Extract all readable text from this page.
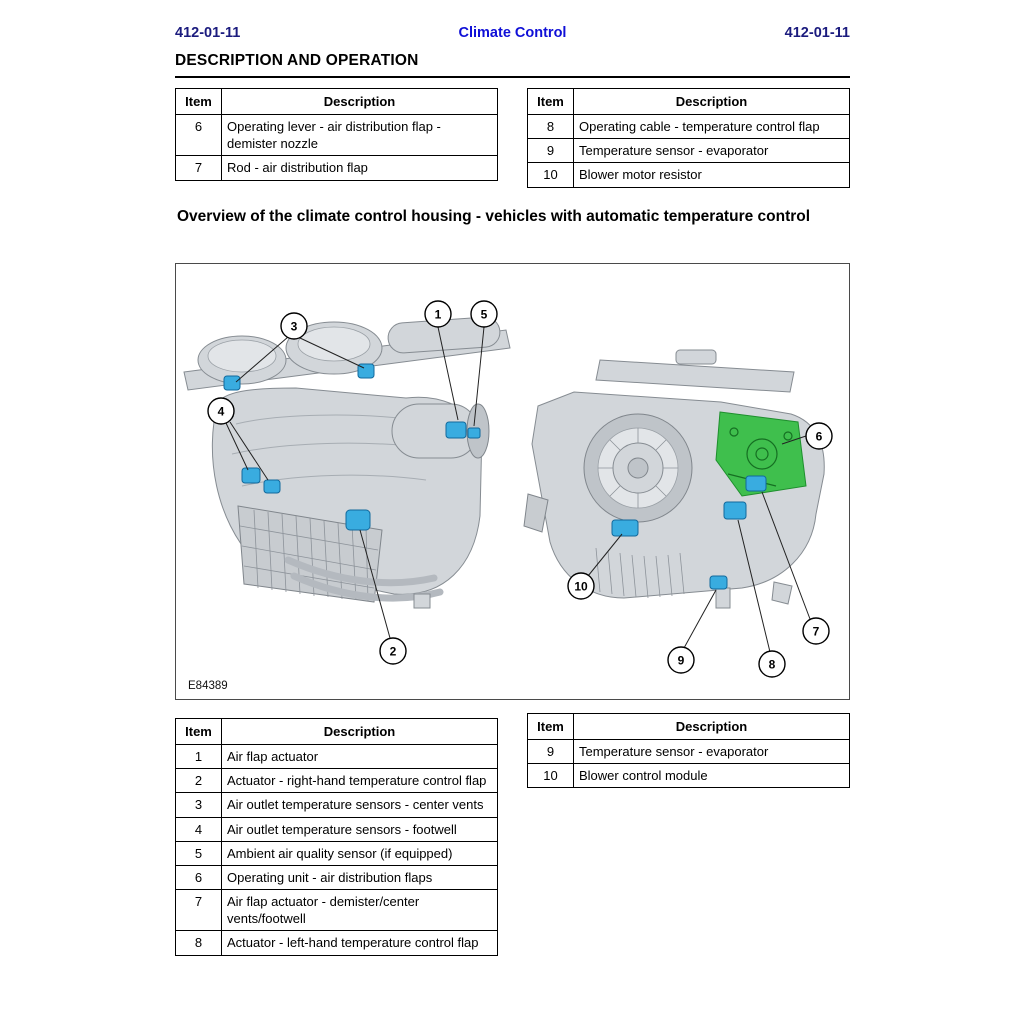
412-01-11	Climate Control	412-01-11
DESCRIPTION AND OPERATION
Item	Description
6	Operating lever - air distribution flap - demister nozzle
7	Rod - air distribution flap
Item	Description
8	Operating cable - temperature control flap
9	Temperature sensor - evaporator
10	Blower motor resistor
Overview of the climate control housing - vehicles with automatic temperature control
1	5
3
4
2
6
10
9	8
7
E84389
Item	Description
1	Air flap actuator
2	Actuator - right-hand temperature control flap
3	Air outlet temperature sensors - center vents
4	Air outlet temperature sensors - footwell
5	Ambient air quality sensor (if equipped)
6	Operating unit - air distribution flaps
7	Air flap actuator - demister/center vents/footwell
8	Actuator - left-hand temperature control flap
Item	Description
9	Temperature sensor - evaporator
10	Blower control module
